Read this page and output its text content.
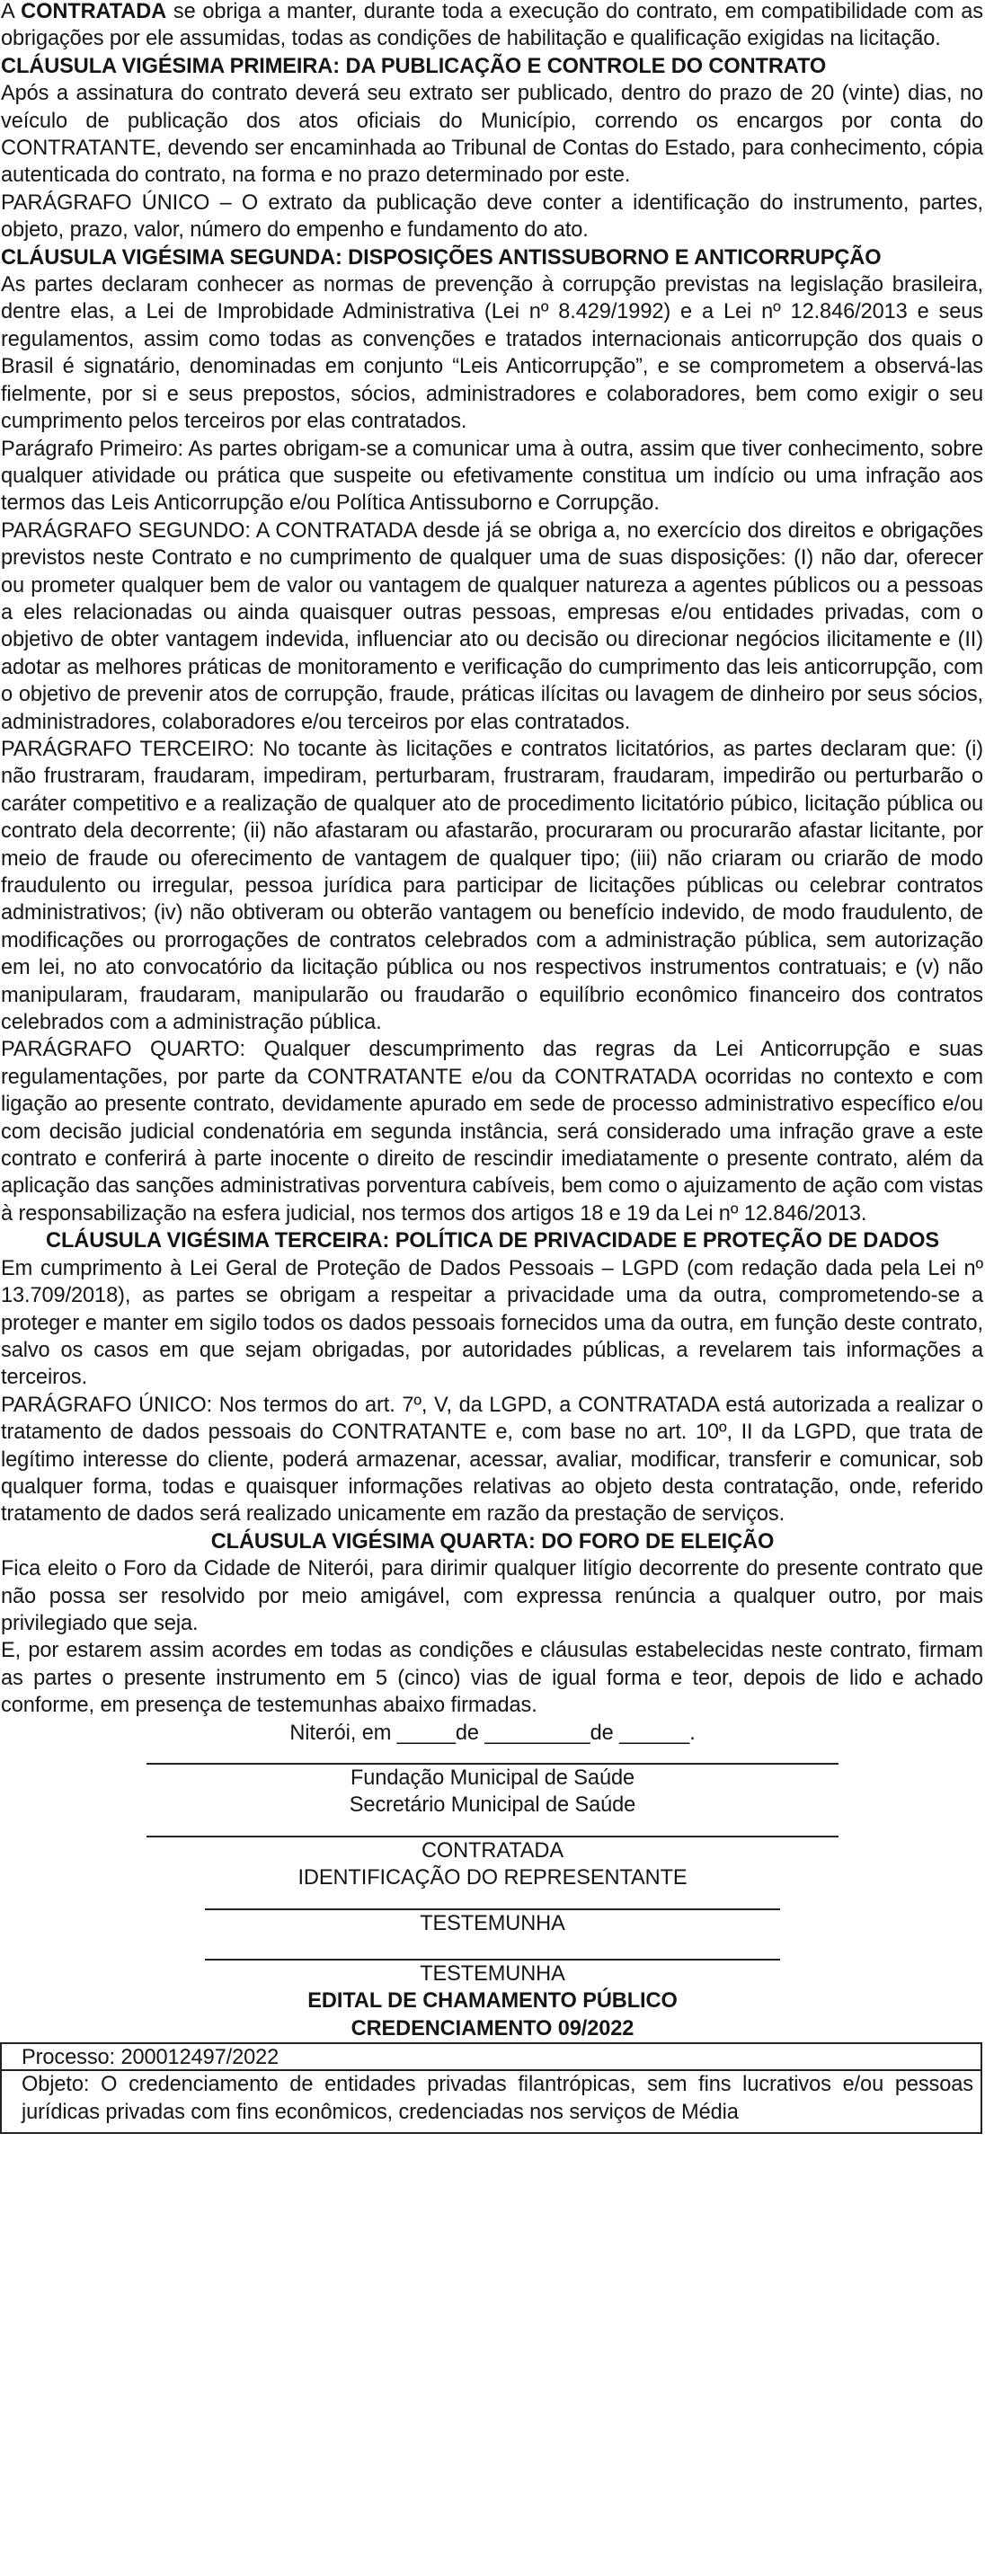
A CONTRATADA se obriga a manter, durante toda a execução do contrato, em compatibilidade com as obrigações por ele assumidas, todas as condições de habilitação e qualificação exigidas na licitação.

CLÁUSULA VIGÉSIMA PRIMEIRA: DA PUBLICAÇÃO E CONTROLE DO CONTRATO

Após a assinatura do contrato deverá seu extrato ser publicado, dentro do prazo de 20 (vinte) dias, no veículo de publicação dos atos oficiais do Município, correndo os encargos por conta do CONTRATANTE, devendo ser encaminhada ao Tribunal de Contas do Estado, para conhecimento, cópia autenticada do contrato, na forma e no prazo determinado por este.

PARÁGRAFO ÚNICO – O extrato da publicação deve conter a identificação do instrumento, partes, objeto, prazo, valor, número do empenho e fundamento do ato.

CLÁUSULA VIGÉSIMA SEGUNDA: DISPOSIÇÕES ANTISSUBORNO E ANTICORRUPÇÃO

As partes declaram conhecer as normas de prevenção à corrupção previstas na legislação brasileira, dentre elas, a Lei de Improbidade Administrativa (Lei nº 8.429/1992) e a Lei nº 12.846/2013 e seus regulamentos, assim como todas as convenções e tratados internacionais anticorrupção dos quais o Brasil é signatário, denominadas em conjunto “Leis Anticorrupção”, e se comprometem a observá-las fielmente, por si e seus prepostos, sócios, administradores e colaboradores, bem como exigir o seu cumprimento pelos terceiros por elas contratados.

Parágrafo Primeiro: As partes obrigam-se a comunicar uma à outra, assim que tiver conhecimento, sobre qualquer atividade ou prática que suspeite ou efetivamente constitua um indício ou uma infração aos termos das Leis Anticorrupção e/ou Política Antissuborno e Corrupção.

PARÁGRAFO SEGUNDO: A CONTRATADA desde já se obriga a, no exercício dos direitos e obrigações previstos neste Contrato e no cumprimento de qualquer uma de suas disposições: (I) não dar, oferecer ou prometer qualquer bem de valor ou vantagem de qualquer natureza a agentes públicos ou a pessoas a eles relacionadas ou ainda quaisquer outras pessoas, empresas e/ou entidades privadas, com o objetivo de obter vantagem indevida, influenciar ato ou decisão ou direcionar negócios ilicitamente e (II) adotar as melhores práticas de monitoramento e verificação do cumprimento das leis anticorrupção, com o objetivo de prevenir atos de corrupção, fraude, práticas ilícitas ou lavagem de dinheiro por seus sócios, administradores, colaboradores e/ou terceiros por elas contratados.

PARÁGRAFO TERCEIRO: No tocante às licitações e contratos licitatórios, as partes declaram que: (i) não frustraram, fraudaram, impediram, perturbaram, frustraram, fraudaram, impedirão ou perturbarão o caráter competitivo e a realização de qualquer ato de procedimento licitatório púbico, licitação pública ou contrato dela decorrente; (ii) não afastaram ou afastarão, procuraram ou procurarão afastar licitante, por meio de fraude ou oferecimento de vantagem de qualquer tipo; (iii) não criaram ou criarão de modo fraudulento ou irregular, pessoa jurídica para participar de licitações públicas ou celebrar contratos administrativos; (iv) não obtiveram ou obterão vantagem ou benefício indevido, de modo fraudulento, de modificações ou prorrogações de contratos celebrados com a administração pública, sem autorização em lei, no ato convocatório da licitação pública ou nos respectivos instrumentos contratuais; e (v) não manipularam, fraudaram, manipularão ou fraudarão o equilíbrio econômico financeiro dos contratos celebrados com a administração pública.

PARÁGRAFO QUARTO: Qualquer descumprimento das regras da Lei Anticorrupção e suas regulamentações, por parte da CONTRATANTE e/ou da CONTRATADA ocorridas no contexto e com ligação ao presente contrato, devidamente apurado em sede de processo administrativo específico e/ou com decisão judicial condenatória em segunda instância, será considerado uma infração grave a este contrato e conferirá à parte inocente o direito de rescindir imediatamente o presente contrato, além da aplicação das sanções administrativas porventura cabíveis, bem como o ajuizamento de ação com vistas à responsabilização na esfera judicial, nos termos dos artigos 18 e 19 da Lei nº 12.846/2013.

CLÁUSULA VIGÉSIMA TERCEIRA: POLÍTICA DE PRIVACIDADE E PROTEÇÃO DE DADOS

Em cumprimento à Lei Geral de Proteção de Dados Pessoais – LGPD (com redação dada pela Lei nº 13.709/2018), as partes se obrigam a respeitar a privacidade uma da outra, comprometendo-se a proteger e manter em sigilo todos os dados pessoais fornecidos uma da outra, em função deste contrato, salvo os casos em que sejam obrigadas, por autoridades públicas, a revelarem tais informações a terceiros.

PARÁGRAFO ÚNICO: Nos termos do art. 7º, V, da LGPD, a CONTRATADA está autorizada a realizar o tratamento de dados pessoais do CONTRATANTE e, com base no art. 10º, II da LGPD, que trata de legítimo interesse do cliente, poderá armazenar, acessar, avaliar, modificar, transferir e comunicar, sob qualquer forma, todas e quaisquer informações relativas ao objeto desta contratação, onde, referido tratamento de dados será realizado unicamente em razão da prestação de serviços.

CLÁUSULA VIGÉSIMA QUARTA: DO FORO DE ELEIÇÃO

Fica eleito o Foro da Cidade de Niterói, para dirimir qualquer litígio decorrente do presente contrato que não possa ser resolvido por meio amigável, com expressa renúncia a qualquer outro, por mais privilegiado que seja.

E, por estarem assim acordes em todas as condições e cláusulas estabelecidas neste contrato, firmam as partes o presente instrumento em 5 (cinco) vias de igual forma e teor, depois de lido e achado conforme, em presença de testemunhas abaixo firmadas.

Niterói, em _____de _________de ______.

Fundação Municipal de Saúde

Secretário Municipal de Saúde

CONTRATADA

IDENTIFICAÇÃO DO REPRESENTANTE

TESTEMUNHA

TESTEMUNHA

EDITAL DE CHAMAMENTO PÚBLICO

CREDENCIAMENTO 09/2022

Processo: 200012497/2022
Objeto: O credenciamento de entidades privadas filantrópicas, sem fins lucrativos e/ou pessoas jurídicas privadas com fins econômicos, credenciadas nos serviços de Média
